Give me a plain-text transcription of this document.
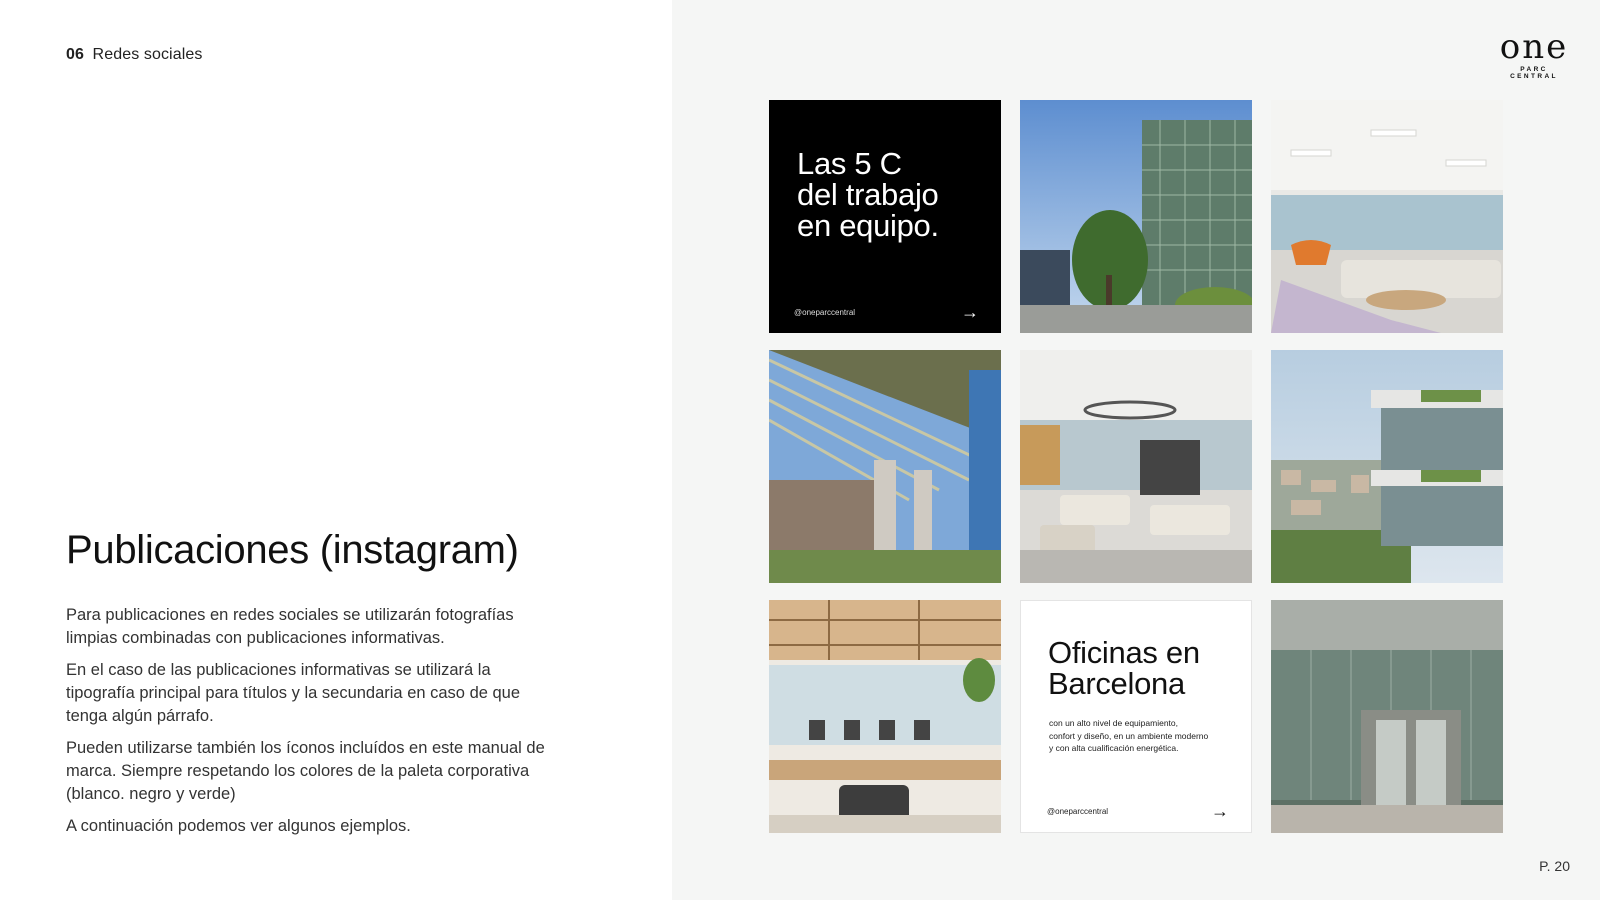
06 Redes sociales
Publicaciones (instagram)

Para publicaciones en redes sociales se utilizarán fotografías limpias combinadas con publicaciones informativas.

En el caso de las publicaciones informativas se utilizará la tipografía principal para títulos y la secundaria en caso de que tenga algún párrafo.

Pueden utilizarse también los íconos incluídos en este manual de marca. Siempre respetando los colores de la paleta corporativa (blanco. negro y verde)

A continuación podemos ver algunos ejemplos.

one
PARC CENTRAL
Las 5 C
del trabajo
en equipo.
@oneparccentral	→
Oficinas en
Barcelona
con un alto nivel de equipamiento,
confort y diseño, en un ambiente moderno
y con alta cualificación energética.
@oneparccentral	→
P. 20
